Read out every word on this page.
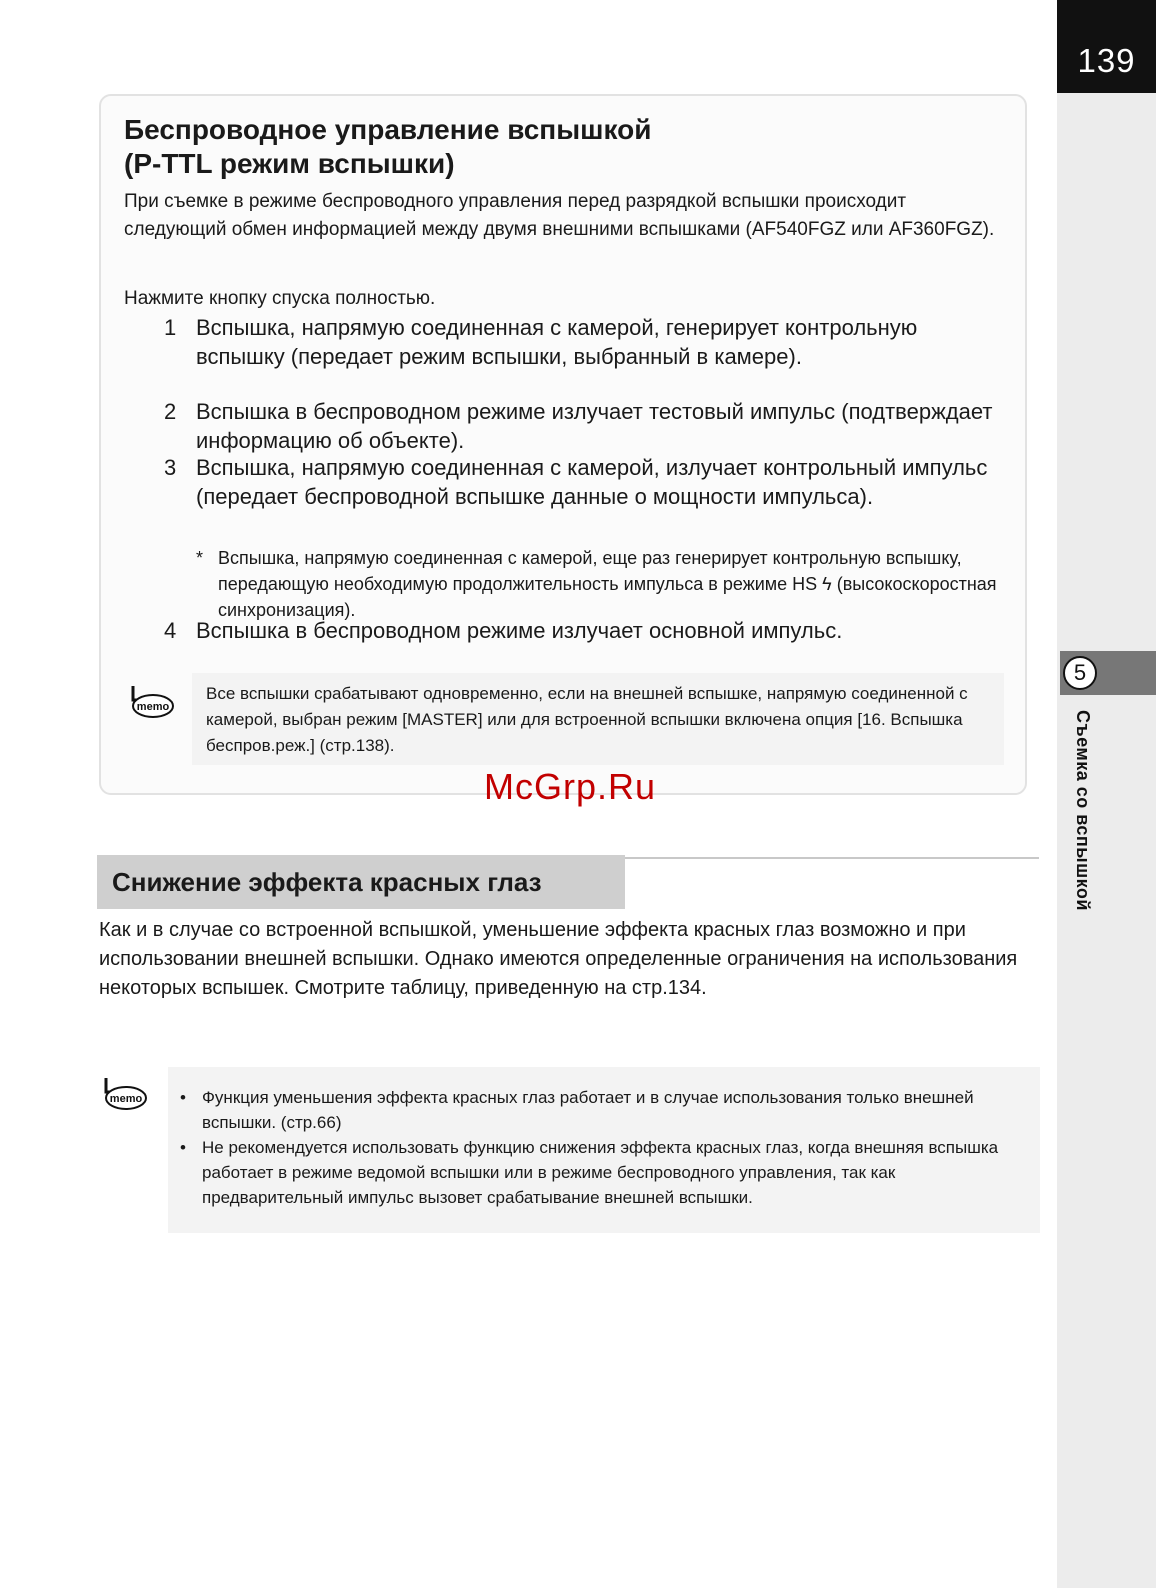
139
5
Съемка со вспышкой
Беспроводное управление вспышкой
(P-TTL режим вспышки)

При съемке в режиме беспроводного управления перед разрядкой вспышки происходит следующий обмен информацией между двумя внешними вспышками (AF540FGZ или AF360FGZ).

Нажмите кнопку спуска полностью.

1 Вспышка, напрямую соединенная с камерой, генерирует контрольную вспышку (передает режим вспышки, выбранный в камере).
2 Вспышка в беспроводном режиме излучает тестовый импульс (подтверждает информацию об объекте).
3 Вспышка, напрямую соединенная с камерой, излучает контрольный импульс (передает беспроводной вспышке данные о мощности импульса).
4 Вспышка в беспроводном режиме излучает основной импульс.
* Вспышка, напрямую соединенная с камерой, еще раз генерирует контрольную вспышку, передающую необходимую продолжительность импульса в режиме HS ϟ (высокоскоростная синхронизация).
memo
Все вспышки срабатывают одновременно, если на внешней вспышке, напрямую соединенной с камерой, выбран режим [MASTER] или для встроенной вспышки включена опция [16. Вспышка беспров.реж.] (стр.138).
McGrp.Ru
Снижение эффекта красных глаз

Как и в случае со встроенной вспышкой, уменьшение эффекта красных глаз возможно и при использовании внешней вспышки. Однако имеются определенные ограничения на использования некоторых вспышек. Смотрите таблицу, приведенную на стр.134.

memo • Функция уменьшения эффекта красных глаз работает и в случае использования только внешней вспышки. (стр.66)

• Не рекомендуется использовать функцию снижения эффекта красных глаз, когда внешняя вспышка работает в режиме ведомой вспышки или в режиме беспроводного управления, так как предварительный импульс вызовет срабатывание внешней вспышки.
